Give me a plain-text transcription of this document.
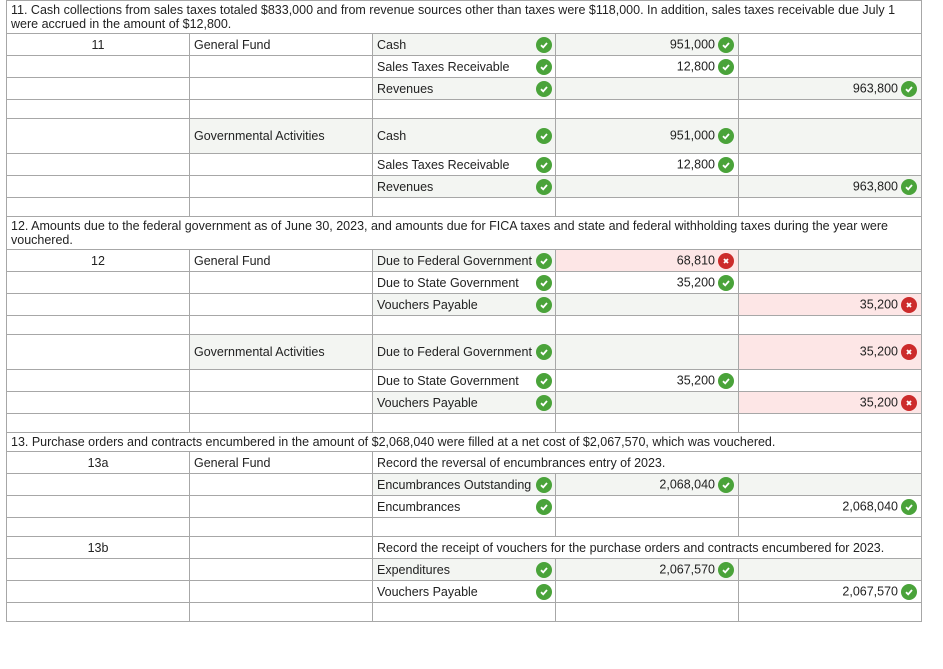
11. Cash collections from sales taxes totaled $833,000 and from revenue sources other than taxes were $118,000. In addition, sales taxes receivable due July 1 were accrued in the amount of $12,800.				
11	General Fund	Cash	951,000

		Sales Taxes Receivable	12,800

		Revenues		963,800

	Governmental Activities	Cash	951,000

		Sales Taxes Receivable	12,800

		Revenues		963,800

12. Amounts due to the federal government as of June 30, 2023, and amounts due for FICA taxes and state and federal withholding taxes during the year were vouchered.				
12	General Fund	Due to Federal Government	68,810

		Due to State Government	35,200

		Vouchers Payable		35,200

	Governmental Activities	Due to Federal Government		35,200

		Due to State Government	35,200

		Vouchers Payable		35,200

13. Purchase orders and contracts encumbered in the amount of $2,068,040 were filled at a net cost of $2,067,570, which was vouchered.				
13a	General Fund	Record the reversal of encumbrances entry of 2023.		
		Encumbrances Outstanding	2,068,040

		Encumbrances		2,068,040

13b		Record the receipt of vouchers for the purchase orders and contracts encumbered for 2023.		
		Expenditures	2,067,570

		Vouchers Payable		2,067,570
